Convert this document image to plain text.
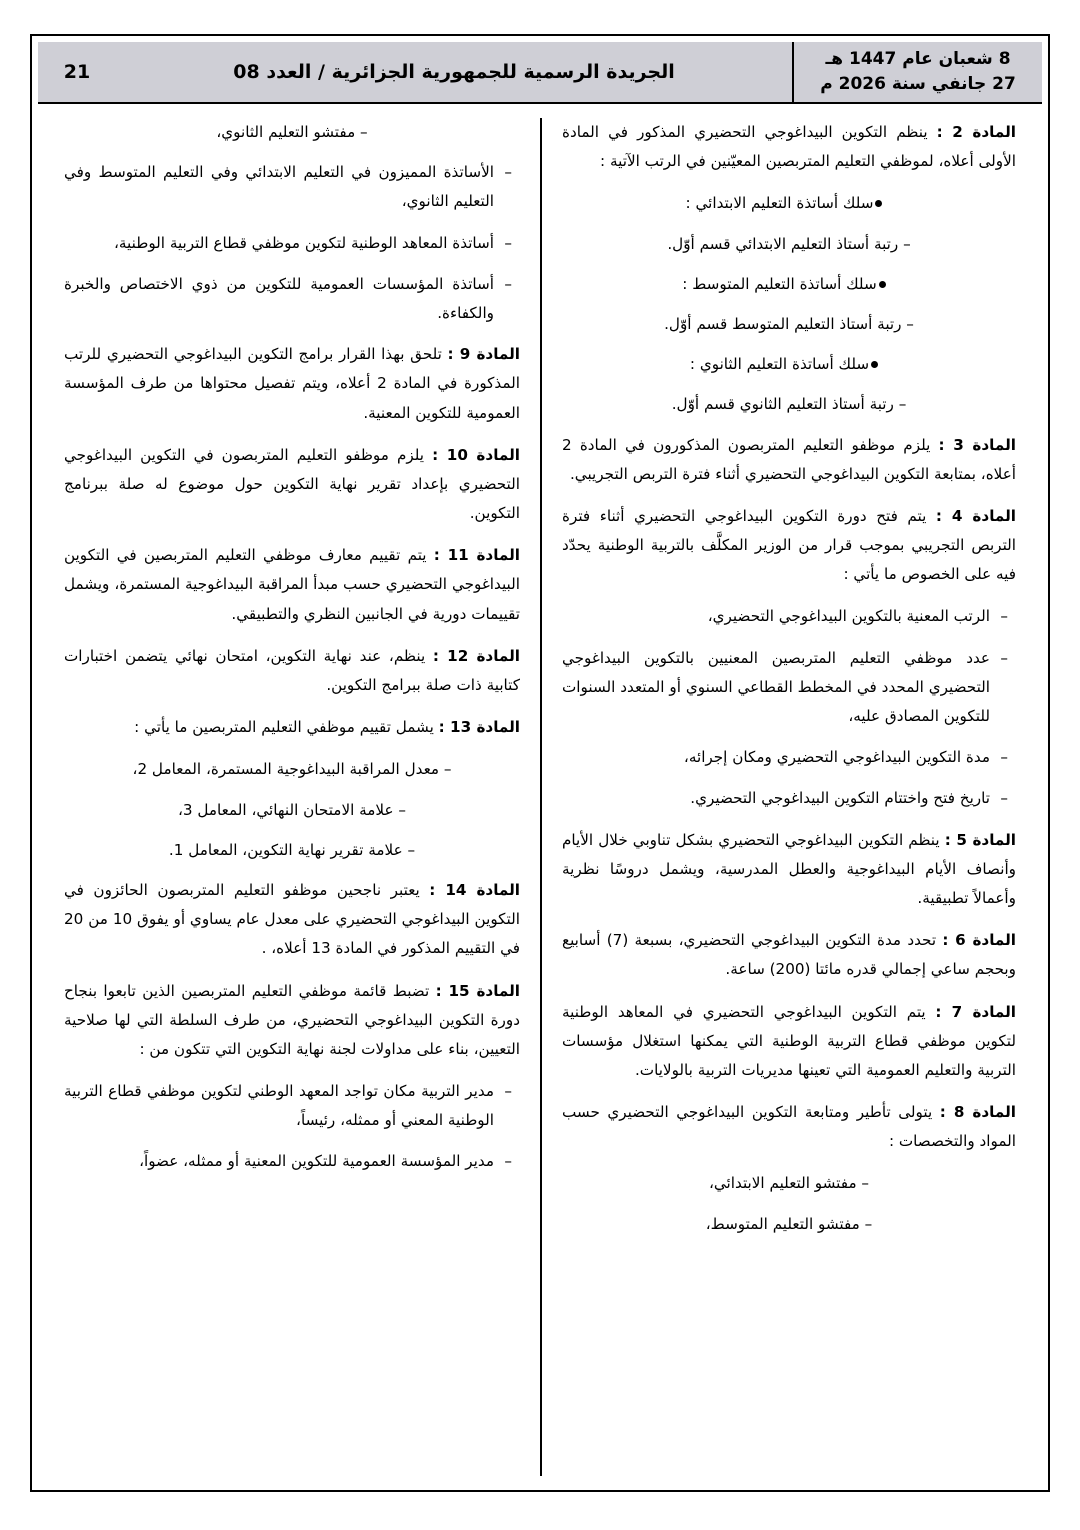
8 شعبان عام 1447 هـ
27 جانفي سنة 2026 م
الجريدة الرسمية للجمهورية الجزائرية / العدد 08
21

المادة 2 : ينظم التكوين البيداغوجي التحضيري المذكور في المادة الأولى أعلاه، لموظفي التعليم المتربصين المعيّنين في الرتب الآتية :

سلك أساتذة التعليم الابتدائي :

– رتبة أستاذ التعليم الابتدائي قسم أوّل.

سلك أساتذة التعليم المتوسط :

– رتبة أستاذ التعليم المتوسط قسم أوّل.

سلك أساتذة التعليم الثانوي :

– رتبة أستاذ التعليم الثانوي قسم أوّل.

المادة 3 : يلزم موظفو التعليم المتربصون المذكورون في المادة 2 أعلاه، بمتابعة التكوين البيداغوجي التحضيري أثناء فترة التربص التجريبي.

المادة 4 : يتم فتح دورة التكوين البيداغوجي التحضيري أثناء فترة التربص التجريبي بموجب قرار من الوزير المكلَّف بالتربية الوطنية يحدّد فيه على الخصوص ما يأتي :

– الرتب المعنية بالتكوين البيداغوجي التحضيري،

– عدد موظفي التعليم المتربصين المعنيين بالتكوين البيداغوجي التحضيري المحدد في المخطط القطاعي السنوي أو المتعدد السنوات للتكوين المصادق عليه،

– مدة التكوين البيداغوجي التحضيري ومكان إجرائه،

– تاريخ فتح واختتام التكوين البيداغوجي التحضيري.

المادة 5 : ينظم التكوين البيداغوجي التحضيري بشكل تناوبي خلال الأيام وأنصاف الأيام البيداغوجية والعطل المدرسية، ويشمل دروسًا نظرية وأعمالاً تطبيقية.

المادة 6 : تحدد مدة التكوين البيداغوجي التحضيري، بسبعة (7) أسابيع وبحجم ساعي إجمالي قدره مائتا (200) ساعة.

المادة 7 : يتم التكوين البيداغوجي التحضيري في المعاهد الوطنية لتكوين موظفي قطاع التربية الوطنية التي يمكنها استغلال مؤسسات التربية والتعليم العمومية التي تعينها مديريات التربية بالولايات.

المادة 8 : يتولى تأطير ومتابعة التكوين البيداغوجي التحضيري حسب المواد والتخصصات :

– مفتشو التعليم الابتدائي،

– مفتشو التعليم المتوسط،

– مفتشو التعليم الثانوي،

– الأساتذة المميزون في التعليم الابتدائي وفي التعليم المتوسط وفي التعليم الثانوي،

– أساتذة المعاهد الوطنية لتكوين موظفي قطاع التربية الوطنية،

– أساتذة المؤسسات العمومية للتكوين من ذوي الاختصاص والخبرة والكفاءة.

المادة 9 : تلحق بهذا القرار برامج التكوين البيداغوجي التحضيري للرتب المذكورة في المادة 2 أعلاه، ويتم تفصيل محتواها من طرف المؤسسة العمومية للتكوين المعنية.

المادة 10 : يلزم موظفو التعليم المتربصون في التكوين البيداغوجي التحضيري بإعداد تقرير نهاية التكوين حول موضوع له صلة ببرنامج التكوين.

المادة 11 : يتم تقييم معارف موظفي التعليم المتربصين في التكوين البيداغوجي التحضيري حسب مبدأ المراقبة البيداغوجية المستمرة، ويشمل تقييمات دورية في الجانبين النظري والتطبيقي.

المادة 12 : ينظم، عند نهاية التكوين، امتحان نهائي يتضمن اختبارات كتابية ذات صلة ببرامج التكوين.

المادة 13 : يشمل تقييم موظفي التعليم المتربصين ما يأتي :

– معدل المراقبة البيداغوجية المستمرة، المعامل 2،

– علامة الامتحان النهائي، المعامل 3،

– علامة تقرير نهاية التكوين، المعامل 1.

المادة 14 : يعتبر ناجحين موظفو التعليم المتربصون الحائزون في التكوين البيداغوجي التحضيري على معدل عام يساوي أو يفوق 10 من 20 في التقييم المذكور في المادة 13 أعلاه، .

المادة 15 : تضبط قائمة موظفي التعليم المتربصين الذين تابعوا بنجاح دورة التكوين البيداغوجي التحضيري، من طرف السلطة التي لها صلاحية التعيين، بناء على مداولات لجنة نهاية التكوين التي تتكون من :

– مدير التربية مكان تواجد المعهد الوطني لتكوين موظفي قطاع التربية الوطنية المعني أو ممثله، رئيساً،

– مدير المؤسسة العمومية للتكوين المعنية أو ممثله، عضواً،
